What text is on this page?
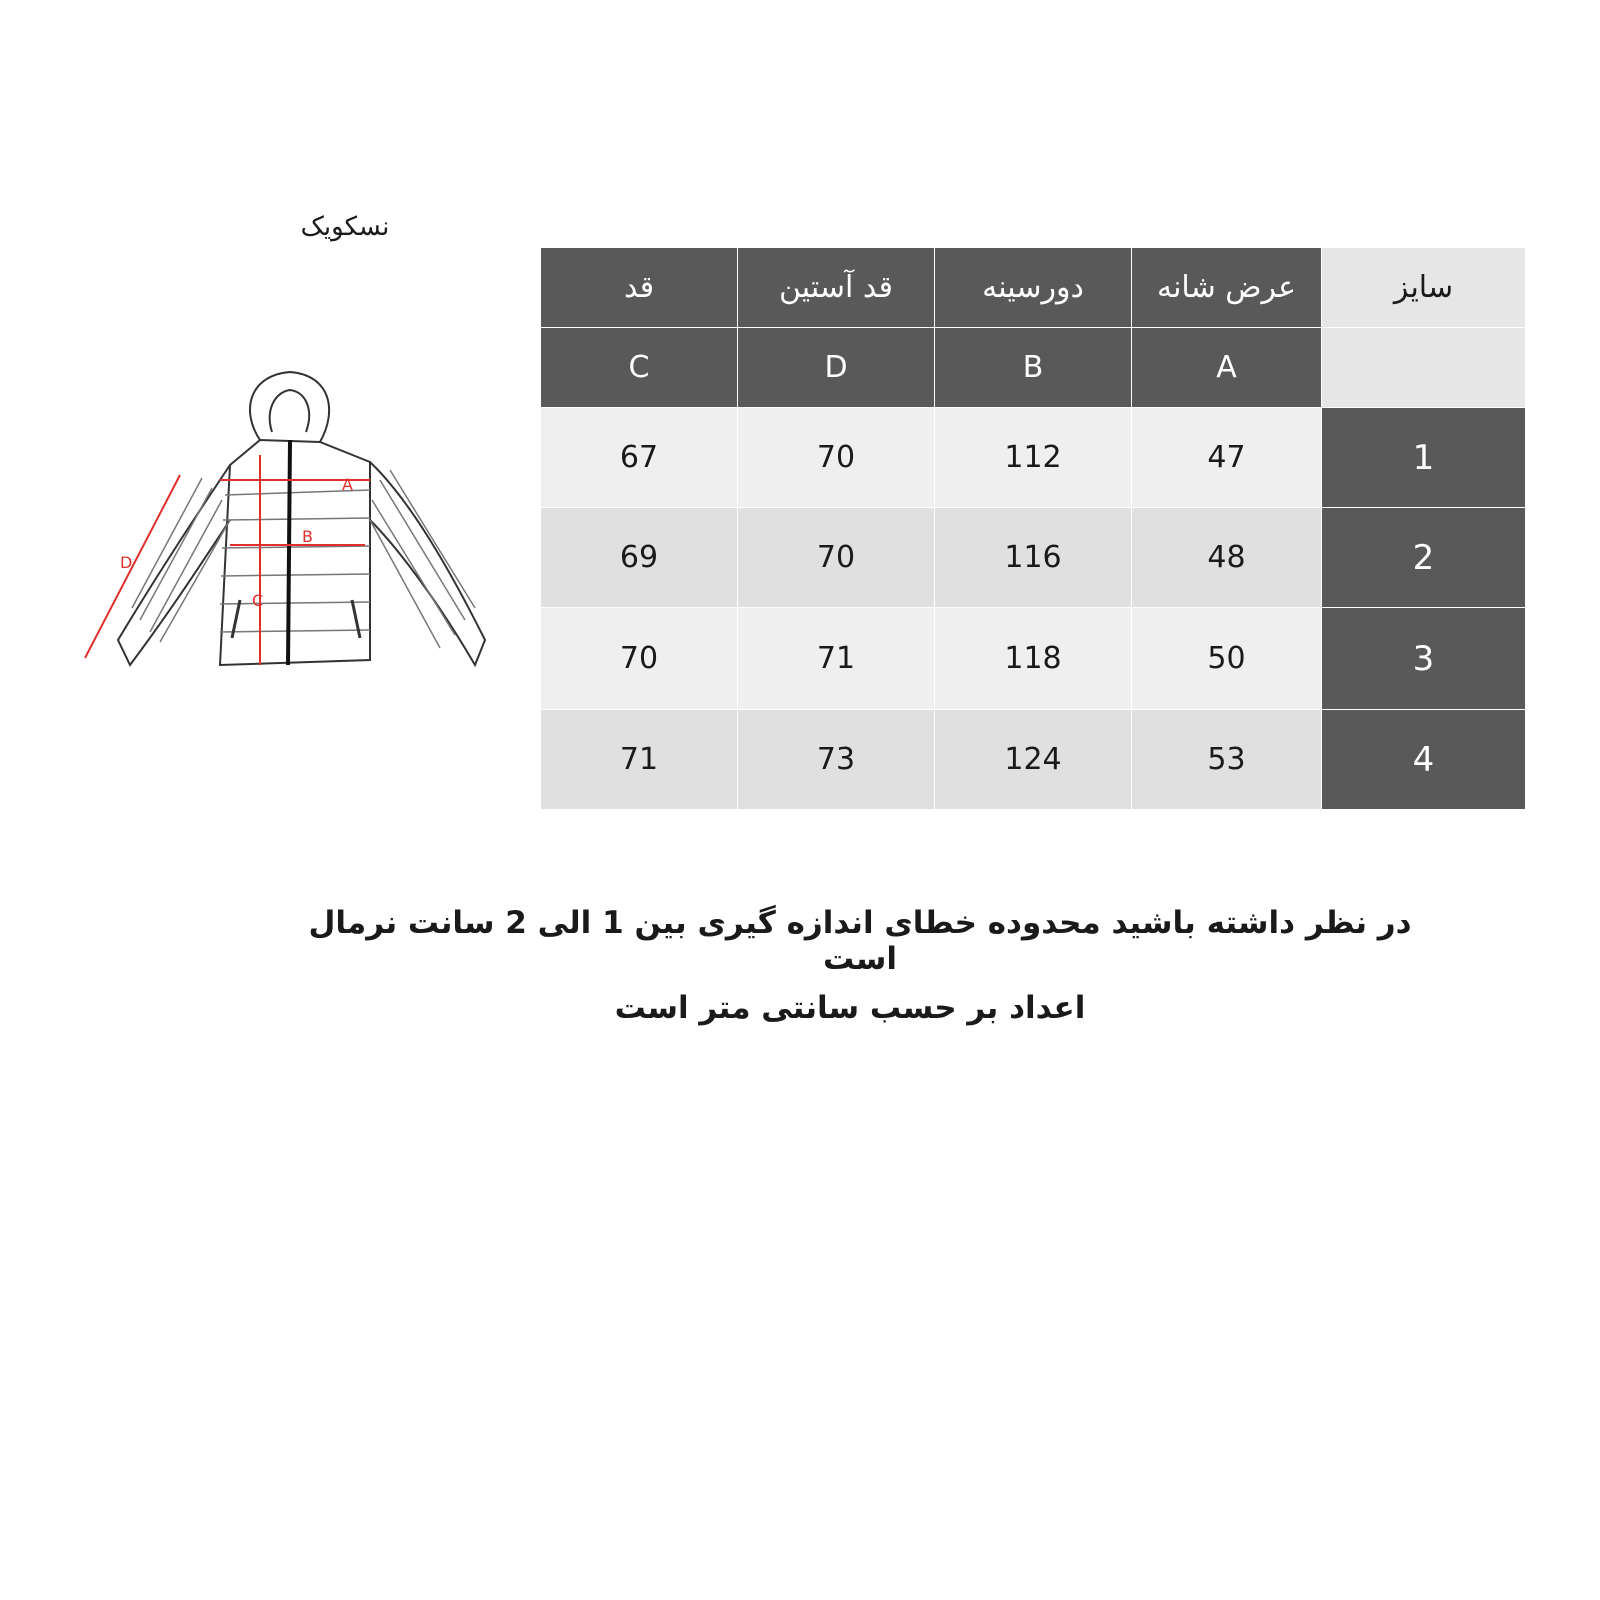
نسکویک
A
B
C
D
قد	قد آستین	دورسینه	عرض شانه	سایز
C	D	B	A	
67	70	112	47	1
69	70	116	48	2
70	71	118	50	3
71	73	124	53	4
در نظر داشته باشید محدوده خطای اندازه گیری بین 1 الی 2 سانت نرمال است
اعداد بر حسب سانتی متر است
